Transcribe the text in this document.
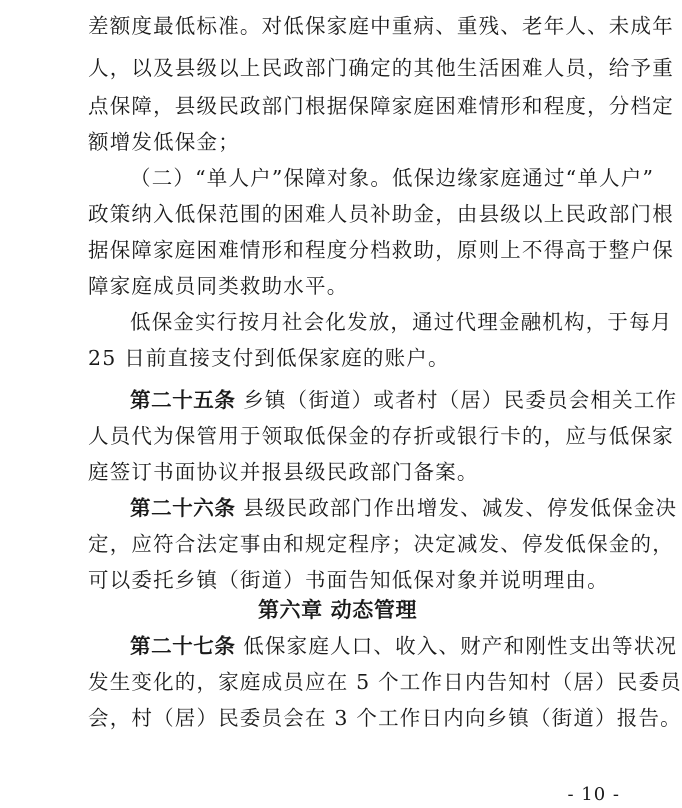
差额度最低标准。对低保家庭中重病、重残、老年人、未成年
人，以及县级以上民政部门确定的其他生活困难人员，给予重
点保障，县级民政部门根据保障家庭困难情形和程度，分档定
额增发低保金；
（二）“单人户”保障对象。低保边缘家庭通过“单人户”
政策纳入低保范围的困难人员补助金，由县级以上民政部门根
据保障家庭困难情形和程度分档救助，原则上不得高于整户保
障家庭成员同类救助水平。
低保金实行按月社会化发放，通过代理金融机构，于每月
25 日前直接支付到低保家庭的账户。
第二十五条 乡镇（街道）或者村（居）民委员会相关工作
人员代为保管用于领取低保金的存折或银行卡的，应与低保家
庭签订书面协议并报县级民政部门备案。
第二十六条 县级民政部门作出增发、减发、停发低保金决
定，应符合法定事由和规定程序；决定减发、停发低保金的，
可以委托乡镇（街道）书面告知低保对象并说明理由。
第六章 动态管理
第二十七条 低保家庭人口、收入、财产和刚性支出等状况
发生变化的，家庭成员应在 5 个工作日内告知村（居）民委员
会，村（居）民委员会在 3 个工作日内向乡镇（街道）报告。
- 10 -
